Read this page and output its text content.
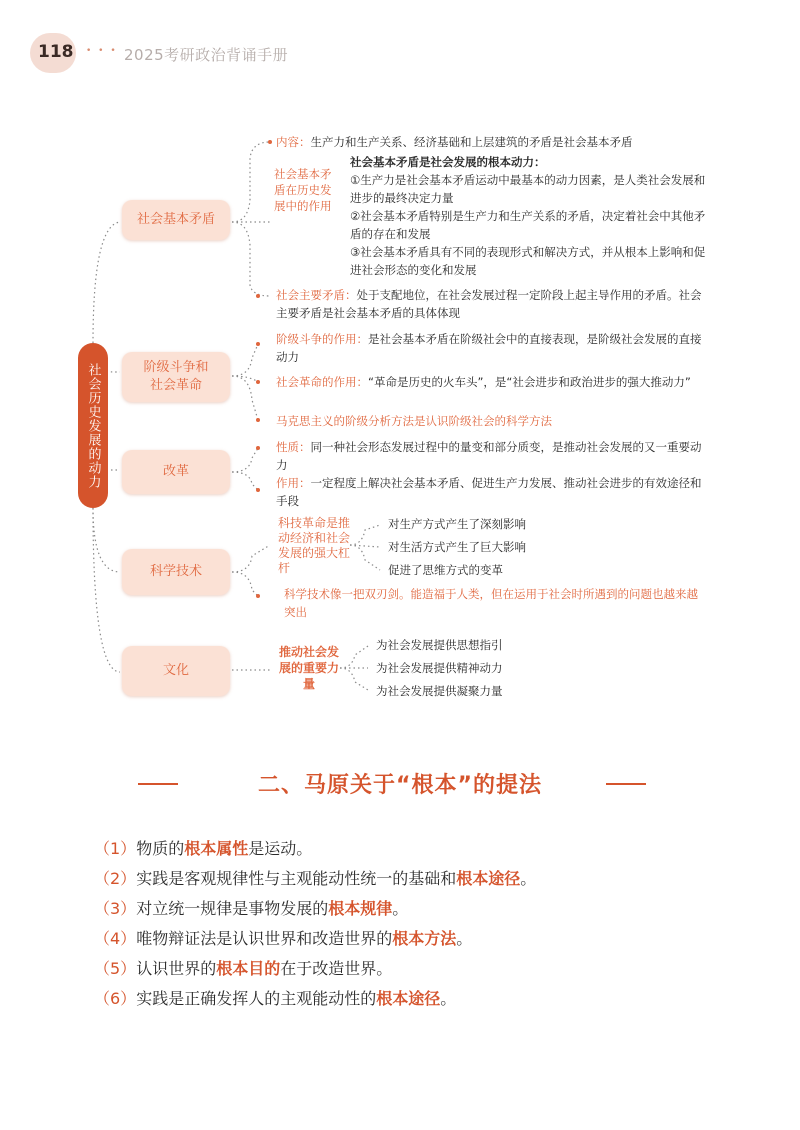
118 • • • 2025考研政治背诵手册
社会历史发展的动力
社会基本矛盾
阶级斗争和社会革命
改革
科学技术
文化
内容：生产力和生产关系、经济基础和上层建筑的矛盾是社会基本矛盾
社会基本矛盾在历史发展中的作用
社会基本矛盾是社会发展的根本动力：
①生产力是社会基本矛盾运动中最基本的动力因素，是人类社会发展和进步的最终决定力量
②社会基本矛盾特别是生产力和生产关系的矛盾，决定着社会中其他矛盾的存在和发展
③社会基本矛盾具有不同的表现形式和解决方式，并从根本上影响和促进社会形态的变化和发展
社会主要矛盾：处于支配地位，在社会发展过程一定阶段上起主导作用的矛盾。社会主要矛盾是社会基本矛盾的具体体现
阶级斗争的作用：是社会基本矛盾在阶级社会中的直接表现，是阶级社会发展的直接动力
社会革命的作用：“革命是历史的火车头”，是“社会进步和政治进步的强大推动力”
马克思主义的阶级分析方法是认识阶级社会的科学方法
性质：同一种社会形态发展过程中的量变和部分质变，是推动社会发展的又一重要动力
作用：一定程度上解决社会基本矛盾、促进生产力发展、推动社会进步的有效途径和手段
科技革命是推动经济和社会发展的强大杠杆
对生产方式产生了深刻影响
对生活方式产生了巨大影响
促进了思维方式的变革
科学技术像一把双刃剑。能造福于人类，但在运用于社会时所遇到的问题也越来越突出
推动社会发展的重要力量
为社会发展提供思想指引
为社会发展提供精神动力
为社会发展提供凝聚力量
二、马原关于“根本”的提法
（1）物质的根本属性是运动。
（2）实践是客观规律性与主观能动性统一的基础和根本途径。
（3）对立统一规律是事物发展的根本规律。
（4）唯物辩证法是认识世界和改造世界的根本方法。
（5）认识世界的根本目的在于改造世界。
（6）实践是正确发挥人的主观能动性的根本途径。
